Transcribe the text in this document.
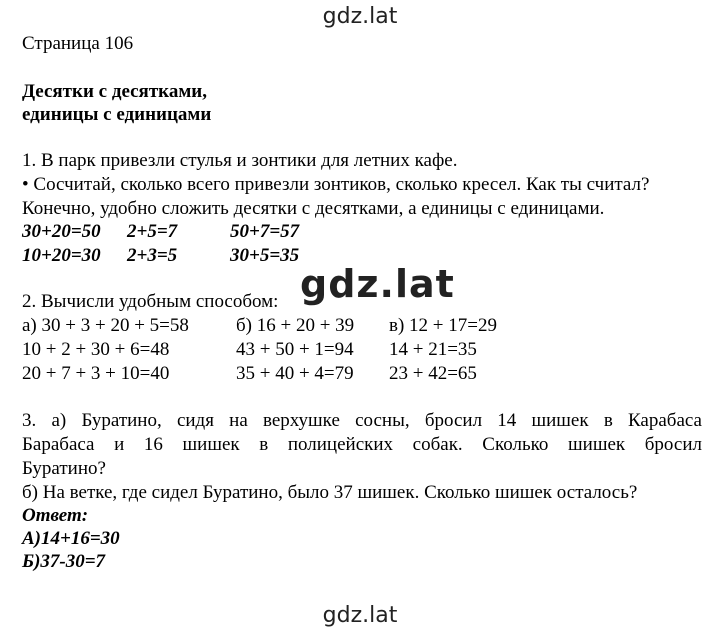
gdz.lat
Страница 106
Десятки с десятками,
единицы с единицами
1. В парк привезли стулья и зонтики для летних кафе.
• Сосчитай, сколько всего привезли зонтиков, сколько кресел. Как ты считал?
Конечно, удобно сложить десятки с десятками, а единицы с единицами.
30+20=50 2+5=7	50+7=57
10+20=30 2+3=5	30+5=35
gdz.lat
2. Вычисли удобным способом:
а) 30 + 3 + 20 + 5=58 б) 16 + 20 + 39 в) 12 + 17=29
10 + 2 + 30 + 6=48	43 + 50 + 1=94 14 + 21=35
20 + 7 + 3 + 10=40	35 + 40 + 4=79 23 + 42=65
3. а) Буратино, сидя на верхушке сосны, бросил 14 шишек в Карабаса
Барабаса и 16 шишек в полицейских собак. Сколько шишек бросил
Буратино?
б) На ветке, где сидел Буратино, было 37 шишек. Сколько шишек осталось?
Ответ:
А)14+16=30
Б)37-30=7
gdz.lat
